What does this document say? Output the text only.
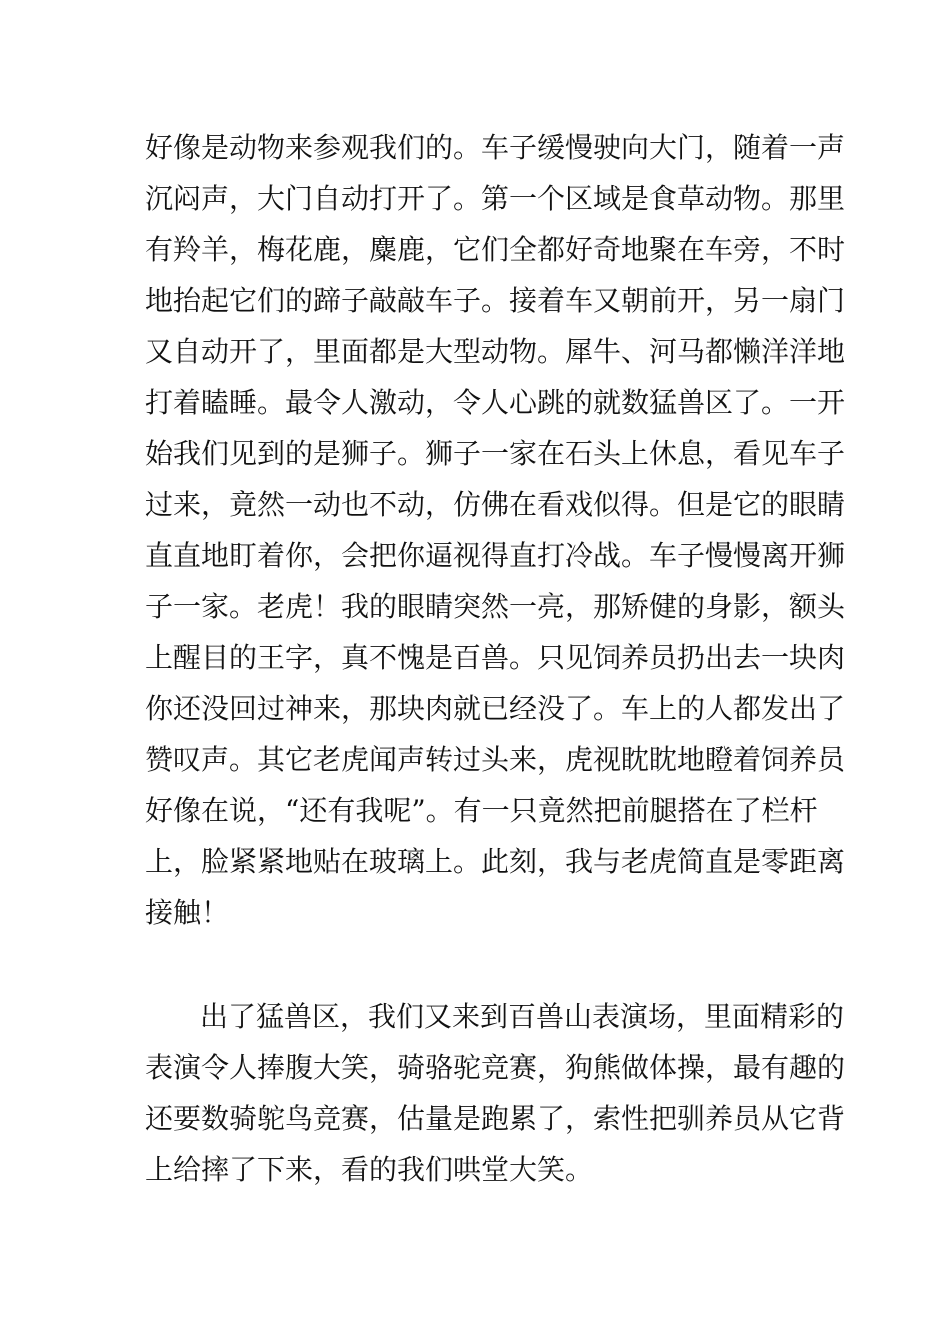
好像是动物来参观我们的。车子缓慢驶向大门，随着一声
沉闷声，大门自动打开了。第一个区域是食草动物。那里
有羚羊，梅花鹿，麋鹿，它们全都好奇地聚在车旁，不时
地抬起它们的蹄子敲敲车子。接着车又朝前开，另一扇门
又自动开了，里面都是大型动物。犀牛、河马都懒洋洋地
打着瞌睡。最令人激动，令人心跳的就数猛兽区了。一开
始我们见到的是狮子。狮子一家在石头上休息，看见车子
过来，竟然一动也不动，仿佛在看戏似得。但是它的眼睛
直直地盯着你，会把你逼视得直打冷战。车子慢慢离开狮
子一家。老虎！我的眼睛突然一亮，那矫健的身影，额头
上醒目的王字，真不愧是百兽。只见饲养员扔出去一块肉
你还没回过神来，那块肉就已经没了。车上的人都发出了
赞叹声。其它老虎闻声转过头来，虎视眈眈地瞪着饲养员
好像在说，“还有我呢”。有一只竟然把前腿搭在了栏杆
上，脸紧紧地贴在玻璃上。此刻，我与老虎简直是零距离
接触！
出了猛兽区，我们又来到百兽山表演场，里面精彩的
表演令人捧腹大笑，骑骆驼竞赛，狗熊做体操，最有趣的
还要数骑鸵鸟竞赛，估量是跑累了，索性把驯养员从它背
上给摔了下来，看的我们哄堂大笑。
